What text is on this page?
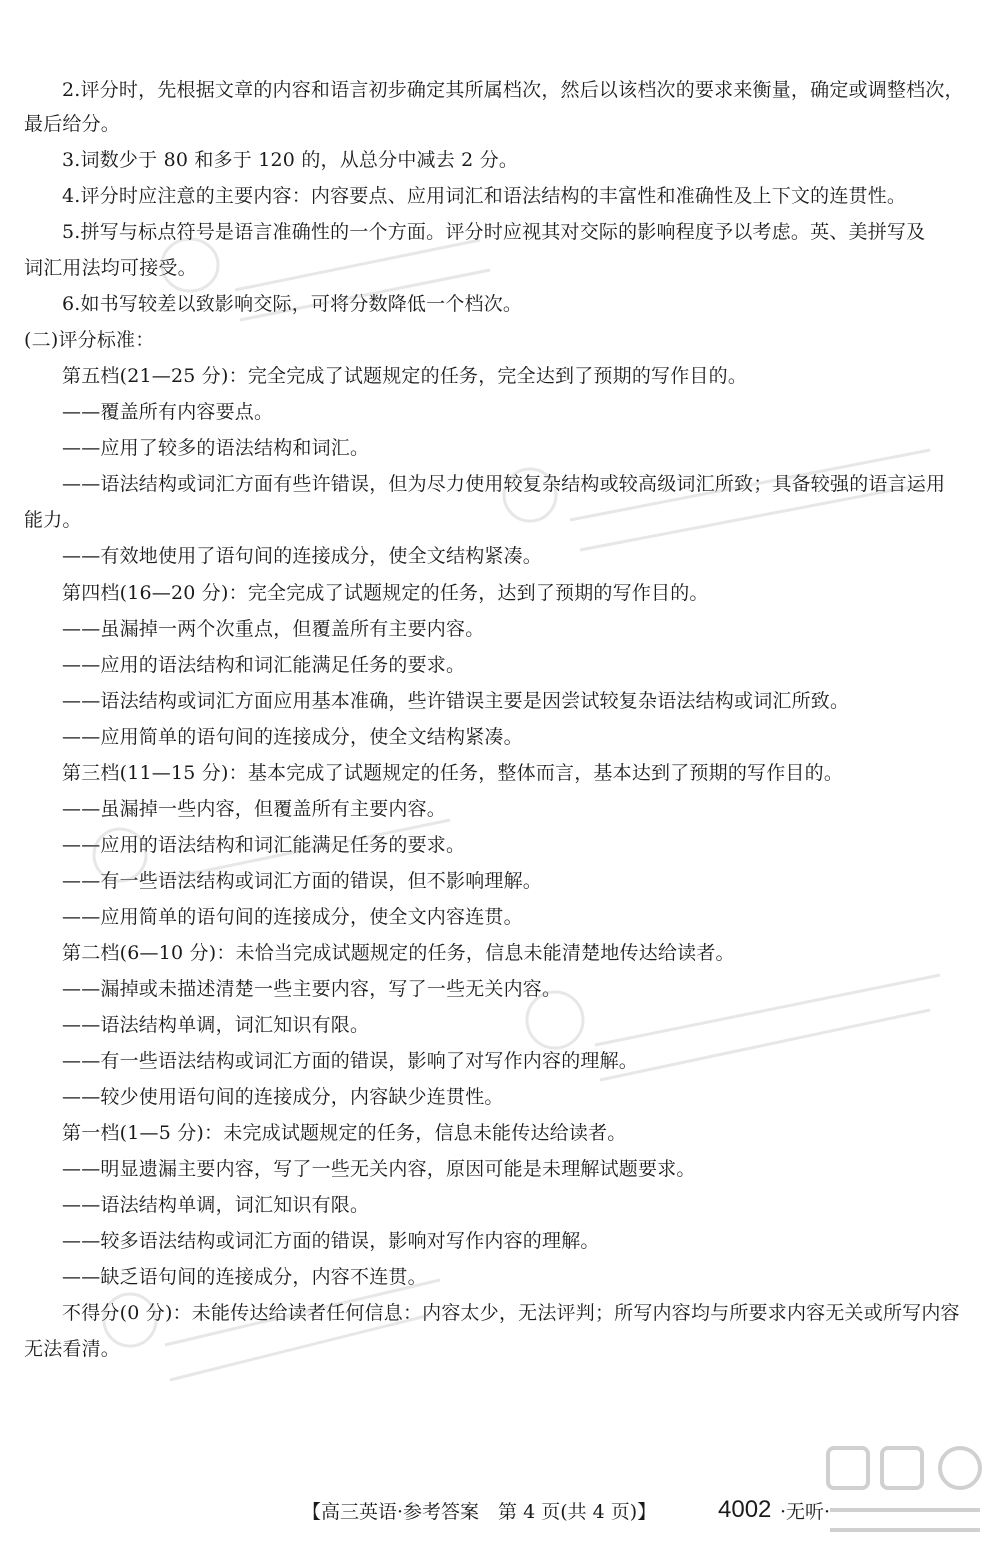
2.评分时，先根据文章的内容和语言初步确定其所属档次，然后以该档次的要求来衡量，确定或调整档次，
最后给分。
3.词数少于 80 和多于 120 的，从总分中减去 2 分。
4.评分时应注意的主要内容：内容要点、应用词汇和语法结构的丰富性和准确性及上下文的连贯性。
5.拼写与标点符号是语言准确性的一个方面。评分时应视其对交际的影响程度予以考虑。英、美拼写及
词汇用法均可接受。
6.如书写较差以致影响交际，可将分数降低一个档次。
(二)评分标准：
第五档(21—25 分)：完全完成了试题规定的任务，完全达到了预期的写作目的。
——覆盖所有内容要点。
——应用了较多的语法结构和词汇。
——语法结构或词汇方面有些许错误，但为尽力使用较复杂结构或较高级词汇所致；具备较强的语言运用
能力。
——有效地使用了语句间的连接成分，使全文结构紧凑。
第四档(16—20 分)：完全完成了试题规定的任务，达到了预期的写作目的。
——虽漏掉一两个次重点，但覆盖所有主要内容。
——应用的语法结构和词汇能满足任务的要求。
——语法结构或词汇方面应用基本准确，些许错误主要是因尝试较复杂语法结构或词汇所致。
——应用简单的语句间的连接成分，使全文结构紧凑。
第三档(11—15 分)：基本完成了试题规定的任务，整体而言，基本达到了预期的写作目的。
——虽漏掉一些内容，但覆盖所有主要内容。
——应用的语法结构和词汇能满足任务的要求。
——有一些语法结构或词汇方面的错误，但不影响理解。
——应用简单的语句间的连接成分，使全文内容连贯。
第二档(6—10 分)：未恰当完成试题规定的任务，信息未能清楚地传达给读者。
——漏掉或未描述清楚一些主要内容，写了一些无关内容。
——语法结构单调，词汇知识有限。
——有一些语法结构或词汇方面的错误，影响了对写作内容的理解。
——较少使用语句间的连接成分，内容缺少连贯性。
第一档(1—5 分)：未完成试题规定的任务，信息未能传达给读者。
——明显遗漏主要内容，写了一些无关内容，原因可能是未理解试题要求。
——语法结构单调，词汇知识有限。
——较多语法结构或词汇方面的错误，影响对写作内容的理解。
——缺乏语句间的连接成分，内容不连贯。
不得分(0 分)：未能传达给读者任何信息：内容太少，无法评判；所写内容均与所要求内容无关或所写内容
无法看清。
【高三英语·参考答案　第 4 页(共 4 页)】	4002 ·无听·
